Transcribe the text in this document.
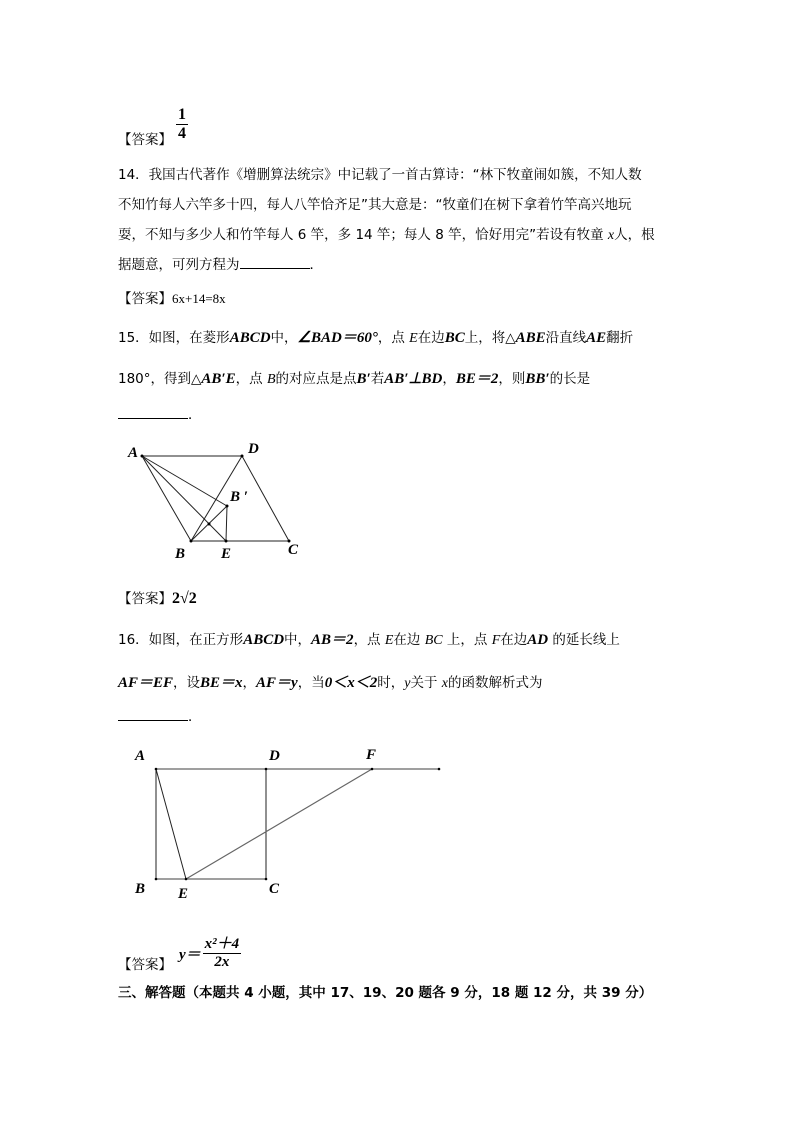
【答案】 $\frac{1}{4}$
14．我国古代著作《增删算法统宗》中记载了一首古算诗：“林下牧童闹如簇，不知人数
不知竹每人六竿多十四，每人八竿恰齐足”其大意是：“牧童们在树下拿着竹竿高兴地玩
耍，不知与多少人和竹竿每人 6 竿，多 14 竿；每人 8 竿，恰好用完”若设有牧童 x人，根
据题意，可列方程为	．
【答案】6x+14=8x
15．如图，在菱形ABCD中，∠BAD＝60°，点 E在边BC上，将△ABE沿直线AE翻折
180°，得到△AB′E，点 B的对应点是点B′若AB′⊥BD，BE＝2，则BB′的长是
．
A	D
B ′
B E	C
【答案】2√2
16．如图，在正方形ABCD中，AB＝2，点 E在边 BC 上，点 F在边AD 的延长线上
AF＝EF，设BE＝x，AF＝y，当0＜x＜2时，y关于 x的函数解析式为
．
A	D	F
B E	C
【答案】
$y= \frac{\text{x²＋4}}{2x}$
三、解答题（本题共 4 小题，其中 17、19、20 题各 9 分，18 题 12 分，共 39 分）
